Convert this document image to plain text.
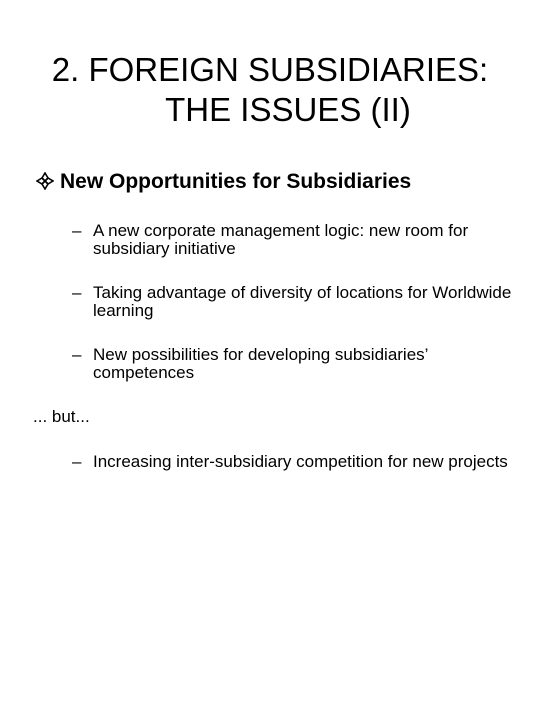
2. FOREIGN SUBSIDIARIES:
THE ISSUES (II)
New Opportunities for Subsidiaries
– A new corporate management logic: new room for subsidiary initiative
– Taking advantage of diversity of locations for Worldwide learning
– New possibilities for developing subsidiaries’ competences
... but...
– Increasing inter-subsidiary competition for new projects
